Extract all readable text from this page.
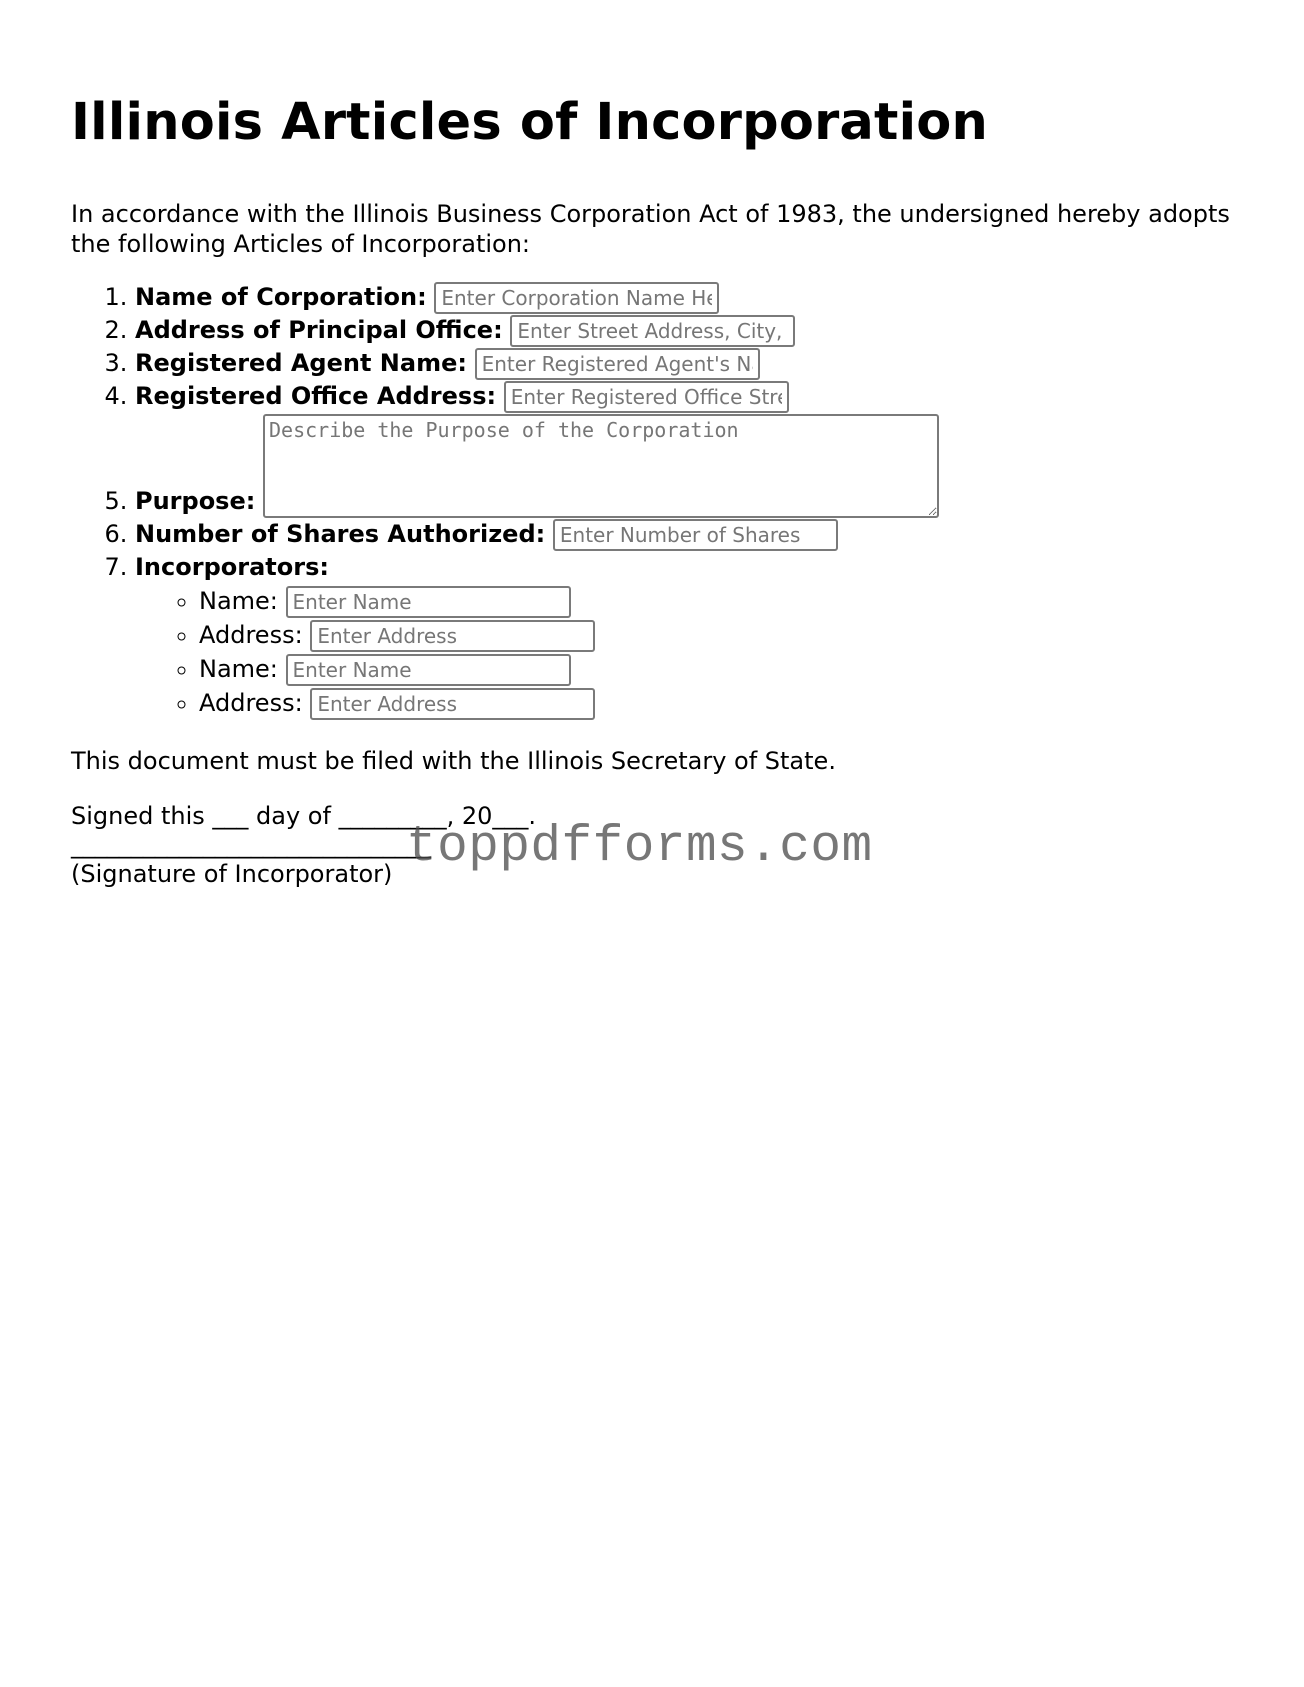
Illinois Articles of Incorporation

In accordance with the Illinois Business Corporation Act of 1983, the undersigned hereby adopts the following Articles of Incorporation:

1. Name of Corporation: Enter Corporation Name Here
2. Address of Principal Office: Enter Street Address, City, State, Zip
3. Registered Agent Name: Enter Registered Agent's Name
4. Registered Office Address: Enter Registered Office Street Address
5. Purpose: Describe the Purpose of the Corporation
6. Number of Shares Authorized: Enter Number of Shares
7. Incorporators:
◦ Name: Enter Name
◦ Address: Enter Address
◦ Name: Enter Name
◦ Address: Enter Address

This document must be filed with the Illinois Secretary of State.

Signed this ___ day of _________, 20___.

______________________________

(Signature of Incorporator) toppdfforms.com
